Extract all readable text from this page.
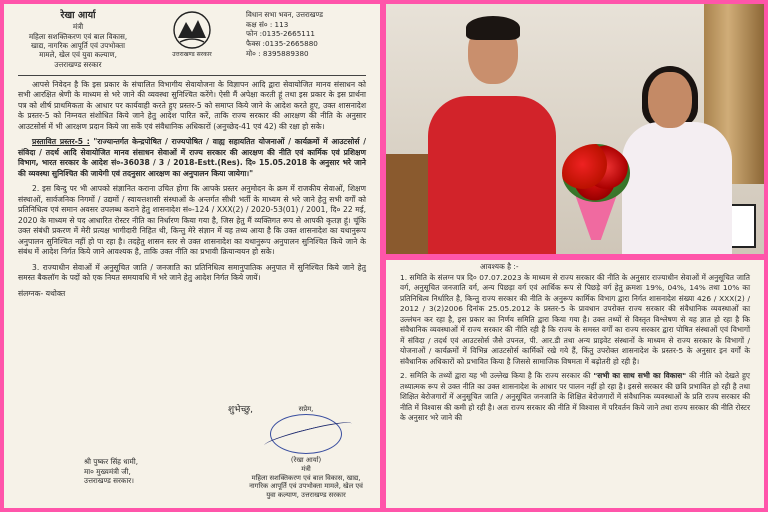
रेखा आर्या
मंत्री
महिला सशक्तिकरण एवं बाल विकास,
खाद्य, नागरिक आपूर्ति एवं उपभोक्ता
मामले, खेल एवं युवा कल्याण,
उत्तराखण्ड सरकार
उत्तराखण्ड सरकार
विधान सभा भवन, उत्तराखण्ड
कक्ष सं० : 113
फोन :0135-2665111
फैक्स :0135-2665880
मो० : 8395889380

आपसे निवेदन है कि इस प्रकार के संचालित विभागीय सेवायोजना के विज्ञापन आदि द्वारा सेवायोजित मानव संसाधन को सभी आरक्षित श्रेणी के माध्यम से भरे जाने की व्यवस्था सुनिश्चित करेंगे। ऐसी मैं अपेक्षा करती हूं तथा इस प्रकार के इस प्रार्थना पत्र को शीर्ष प्राथमिकता के आधार पर कार्यवाही करते हुए प्रस्तर-5 को समाप्त किये जाने के आदेश करते हुए, उक्त शासनादेश के प्रस्तर-5 को निम्नवत संशोधित किये जाने हेतु आदेश पारित करें, ताकि राज्य सरकार की आरक्षण की नीति के अनुसार आउटसोर्स में भी आरक्षण प्रदान किये जा सकें एवं संवैधानिक अधिकारों (अनुच्छेद-41 एवं 42) की रक्षा हो सके।

प्रस्तावित प्रस्तर-5 : "राज्यान्तर्गत केन्द्रपोषित / राज्यपोषित / वाह्य सहायतित योजनाओं / कार्यक्रमों में आउटसोर्स / संविदा / तदर्थ आदि सेवायोजित मानव संसाधन सेवाओं में राज्य सरकार की आरक्षण की नीति एवं कार्मिक एवं प्रशिक्षण विभाग, भारत सरकार के आदेश सं०-36038 / 3 / 2018-Estt.(Res). दि० 15.05.2018 के अनुसार भरे जाने की व्यवस्था सुनिश्चित की जायेगी एवं तदनुसार आरक्षण का अनुपालन किया जायेगा।"

2. इस बिन्दु पर भी आपको संज्ञानित कराना उचित होगा कि आपके प्रस्तर अनुमोदन के क्रम में राजकीय सेवाओं, शिक्षण संस्थाओं, सार्वजनिक निगमों / उद्यमों / स्वायत्तशासी संस्थाओं के अन्तर्गत सीधी भर्ती के माध्यम से भरे जाने हेतु सभी वर्गों को प्रतिनिधित्व एवं समान अवसर उपलब्ध कराने हेतु शासनादेश सं०-124 / XXX(2) / 2020-53(01) / 2001, दि० 22 मई, 2020 के माध्यम से पद आधारित रोस्टर नीति का निर्धारण किया गया है, जिस हेतु मैं व्यक्तिगत रूप से आपकी कृतज्ञ हूं। चूंकि उक्त संबंधी प्रकरण में मेरी प्रत्यक्ष भागीदारी निहित थी, किन्तु मेरे संज्ञान में यह तथ्य आया है कि उक्त शासनादेश का यथानुरूप अनुपालन सुनिश्चित नहीं हो पा रहा है। तदहेतु शासन स्तर से उक्त शासनादेश का यथानुरूप अनुपालन सुनिश्चित किये जाने के संबंध में आदेश निर्गत किये जाने आवश्यक है, ताकि उक्त नीति का प्रभावी क्रियान्वयन हो सके।

3. राज्याधीन सेवाओं में अनुसूचित जाति / जनजाति का प्रतिनिधित्व समानुपातिक अनुपात में सुनिश्चित किये जाने हेतु समस्त बैकलॉग के पदों को एक नियत समयावधि में भरे जाने हेतु आदेश निर्गत किये जायें।

संलग्नक- यथोक्त
शुभेच्छु,
श्री पुष्कर सिंह धामी,
मा० मुख्यमंत्री जी,
उत्तराखण्ड सरकार।
सप्रेम,
(रेखा आर्या)
मंत्री
महिला सशक्तिकरण एवं बाल विकास, खाद्य, नागरिक आपूर्ति एवं उपभोक्ता मामले, खेल एवं युवा कल्याण, उत्तराखण्ड सरकार
आवश्यक है :-

1. समिति के संलग्न पत्र दि० 07.07.2023 के माध्यम से राज्य सरकार की नीति के अनुसार राज्याधीन सेवाओं में अनुसूचित जाति वर्ग, अनुसूचित जनजाति वर्ग, अन्य पिछड़ा वर्ग एवं आर्थिक रूप से पिछड़े वर्ग हेतु क्रमशः 19%, 04%, 14% तथा 10% का प्रतिनिधित्व निर्धारित है, किन्तु राज्य सरकार की नीति के अनुरूप कार्मिक विभाग द्वारा निर्गत शासनादेश संख्या 426 / XXX(2) / 2012 / 3(2)2006 दिनांक 25.05.2012 के प्रस्तर-5 के प्रावधान उपरोक्त राज्य सरकार की संवैधानिक व्यवस्थाओं का उल्लंघन कर रहा है, इस प्रकार का निर्णय समिति द्वारा किया गया है। उक्त तथ्यों से विस्तृत विश्लेषण से यह ज्ञात हो रहा है कि संवैधानिक व्यवस्थाओं में राज्य सरकार की नीति रही है कि राज्य के समस्त वर्गों का राज्य सरकार द्वारा पोषित संस्थाओं एवं विभागों में संविदा / तदर्थ एवं आउटसोर्स जैसे उपनल, पी. आर.डी तथा अन्य प्राइवेट संस्थानों के माध्यम से राज्य सरकार के विभागों / योजनाओं / कार्यक्रमों में विभिन्न आउटसोर्स कार्मिकों रखे गये हैं, किंतु उपरोक्त शासनादेश के प्रस्तर-5 के अनुसार इन वर्गों के संवैधानिक अधिकारों को प्रभावित किया है जिससे सामाजिक विषमता में बढ़ोतरी हो रही है।

2. समिति के तथ्यों द्वारा यह भी उल्लेख किया है कि राज्य सरकार की "सभी का साथ सभी का विकास" की नीति को देखते हुए तथ्यात्मक रूप से उक्त नीति का उक्त शासनादेश के आधार पर पालन नहीं हो रहा है। इससे सरकार की छवि प्रभावित हो रही है तथा शिक्षित बेरोजगारों में अनुसूचित जाति / अनुसूचित जनजाति के शिक्षित बेरोजगारों में संवैधानिक व्यवस्थाओं के प्रति राज्य सरकार की नीति में विश्वास की कमी हो रही है। अतः राज्य सरकार की नीति में विश्वास में परिवर्तन किये जाने तथा राज्य सरकार की नीति रोस्टर के अनुसार भरे जाने की
